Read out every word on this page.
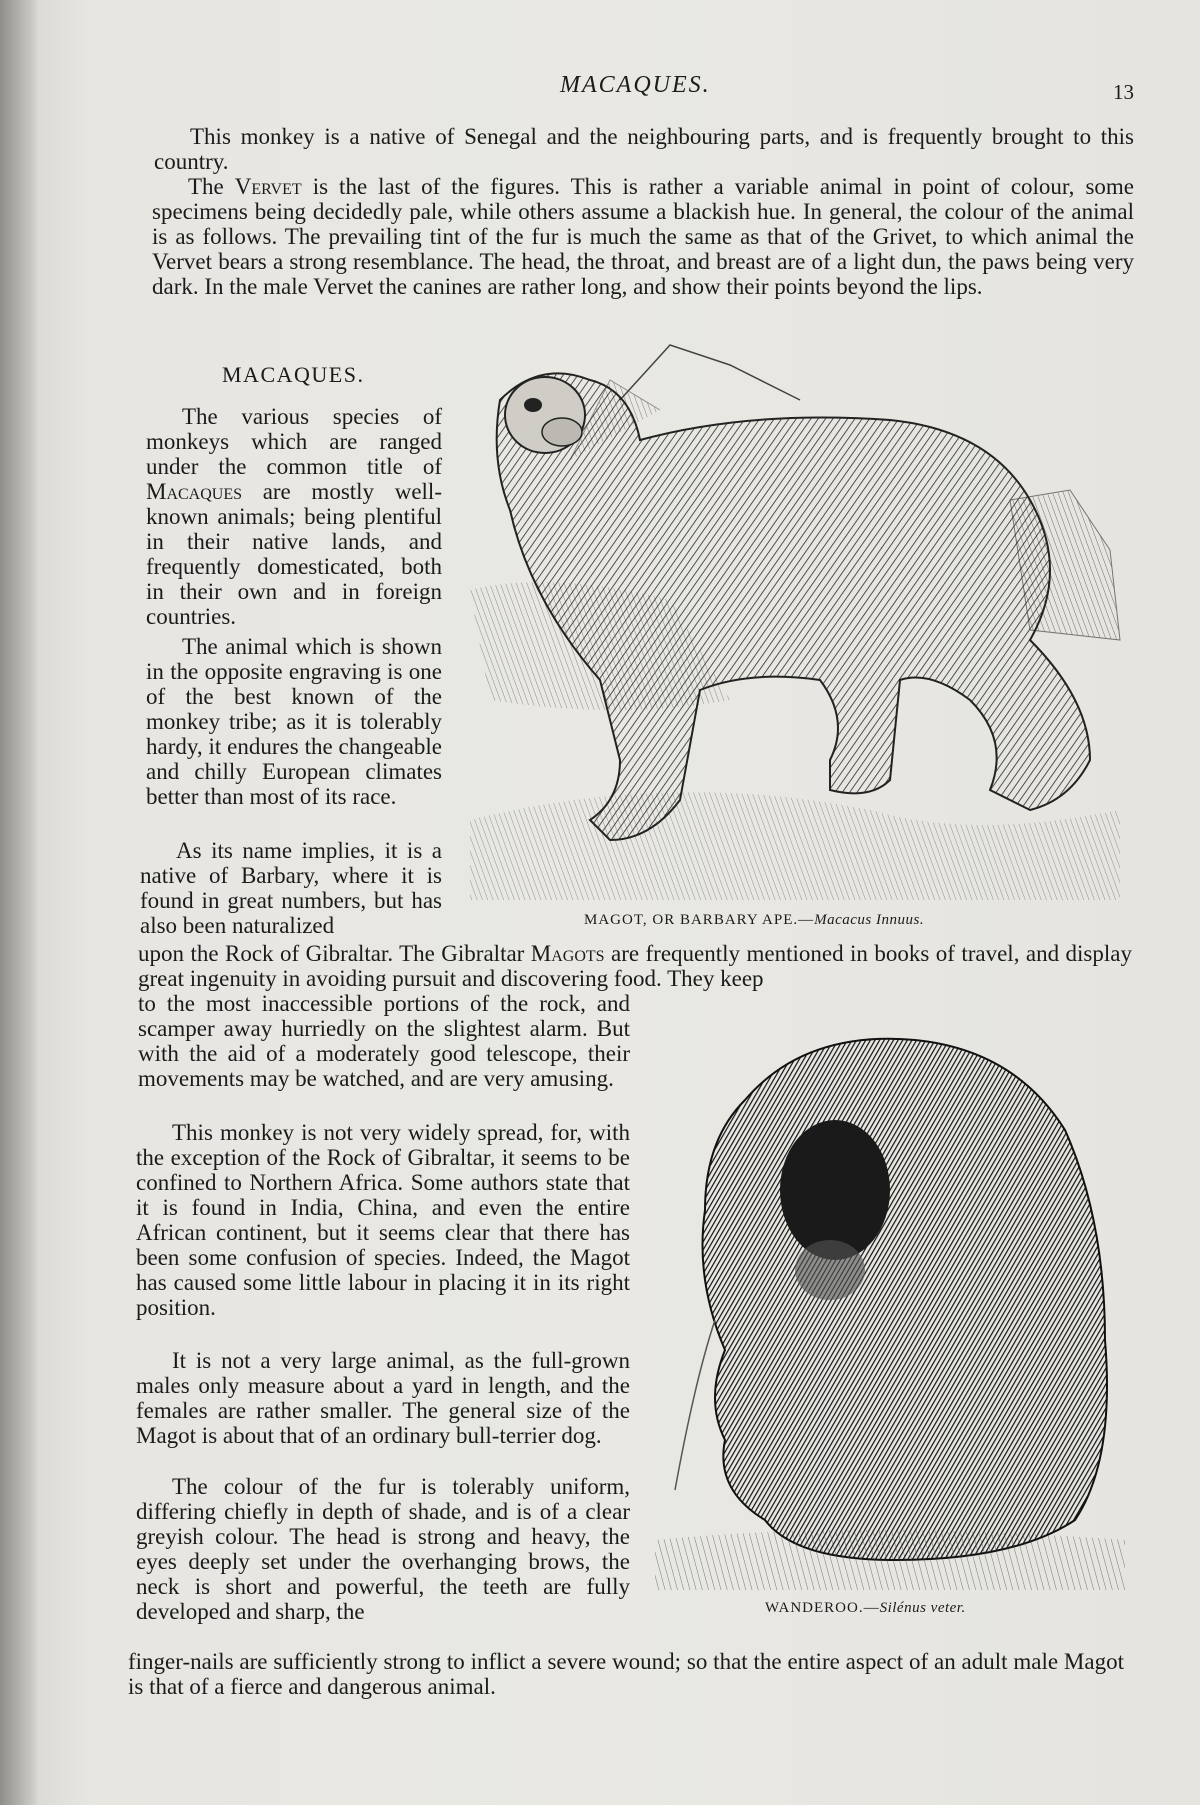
MACAQUES.	13

This monkey is a native of Senegal and the neighbouring parts, and is frequently brought to this country.

The Vervet is the last of the figures. This is rather a variable animal in point of colour, some specimens being decidedly pale, while others assume a blackish hue. In general, the colour of the animal is as follows. The prevailing tint of the fur is much the same as that of the Grivet, to which animal the Vervet bears a strong resemblance. The head, the throat, and breast are of a light dun, the paws being very dark. In the male Vervet the canines are rather long, and show their points beyond the lips.

MACAQUES.

The various species of monkeys which are ranged under the common title of Macaques are mostly well-known animals; being plentiful in their native lands, and frequently domesticated, both in their own and in foreign countries.

The animal which is shown in the opposite engraving is one of the best known of the monkey tribe; as it is tolerably hardy, it endures the changeable and chilly European climates better than most of its race.

As its name implies, it is a native of Barbary, where it is found in great numbers, but has also been naturalized

upon the Rock of Gibraltar. The Gibraltar Magots are frequently mentioned in books of travel, and display great ingenuity in avoiding pursuit and discovering food. They keep

to the most inaccessible portions of the rock, and scamper away hurriedly on the slightest alarm. But with the aid of a moderately good telescope, their movements may be watched, and are very amusing.

This monkey is not very widely spread, for, with the exception of the Rock of Gibraltar, it seems to be confined to Northern Africa. Some authors state that it is found in India, China, and even the entire African continent, but it seems clear that there has been some confusion of species. Indeed, the Magot has caused some little labour in placing it in its right position.

It is not a very large animal, as the full-grown males only measure about a yard in length, and the females are rather smaller. The general size of the Magot is about that of an ordinary bull-terrier dog.

The colour of the fur is tolerably uniform, differing chiefly in depth of shade, and is of a clear greyish colour. The head is strong and heavy, the eyes deeply set under the overhanging brows, the neck is short and powerful, the teeth are fully developed and sharp, the

finger-nails are sufficiently strong to inflict a severe wound; so that the entire aspect of an adult male Magot is that of a fierce and dangerous animal.

MAGOT, OR BARBARY APE.—Macacus Innuus.
WANDEROO.—Silénus veter.
